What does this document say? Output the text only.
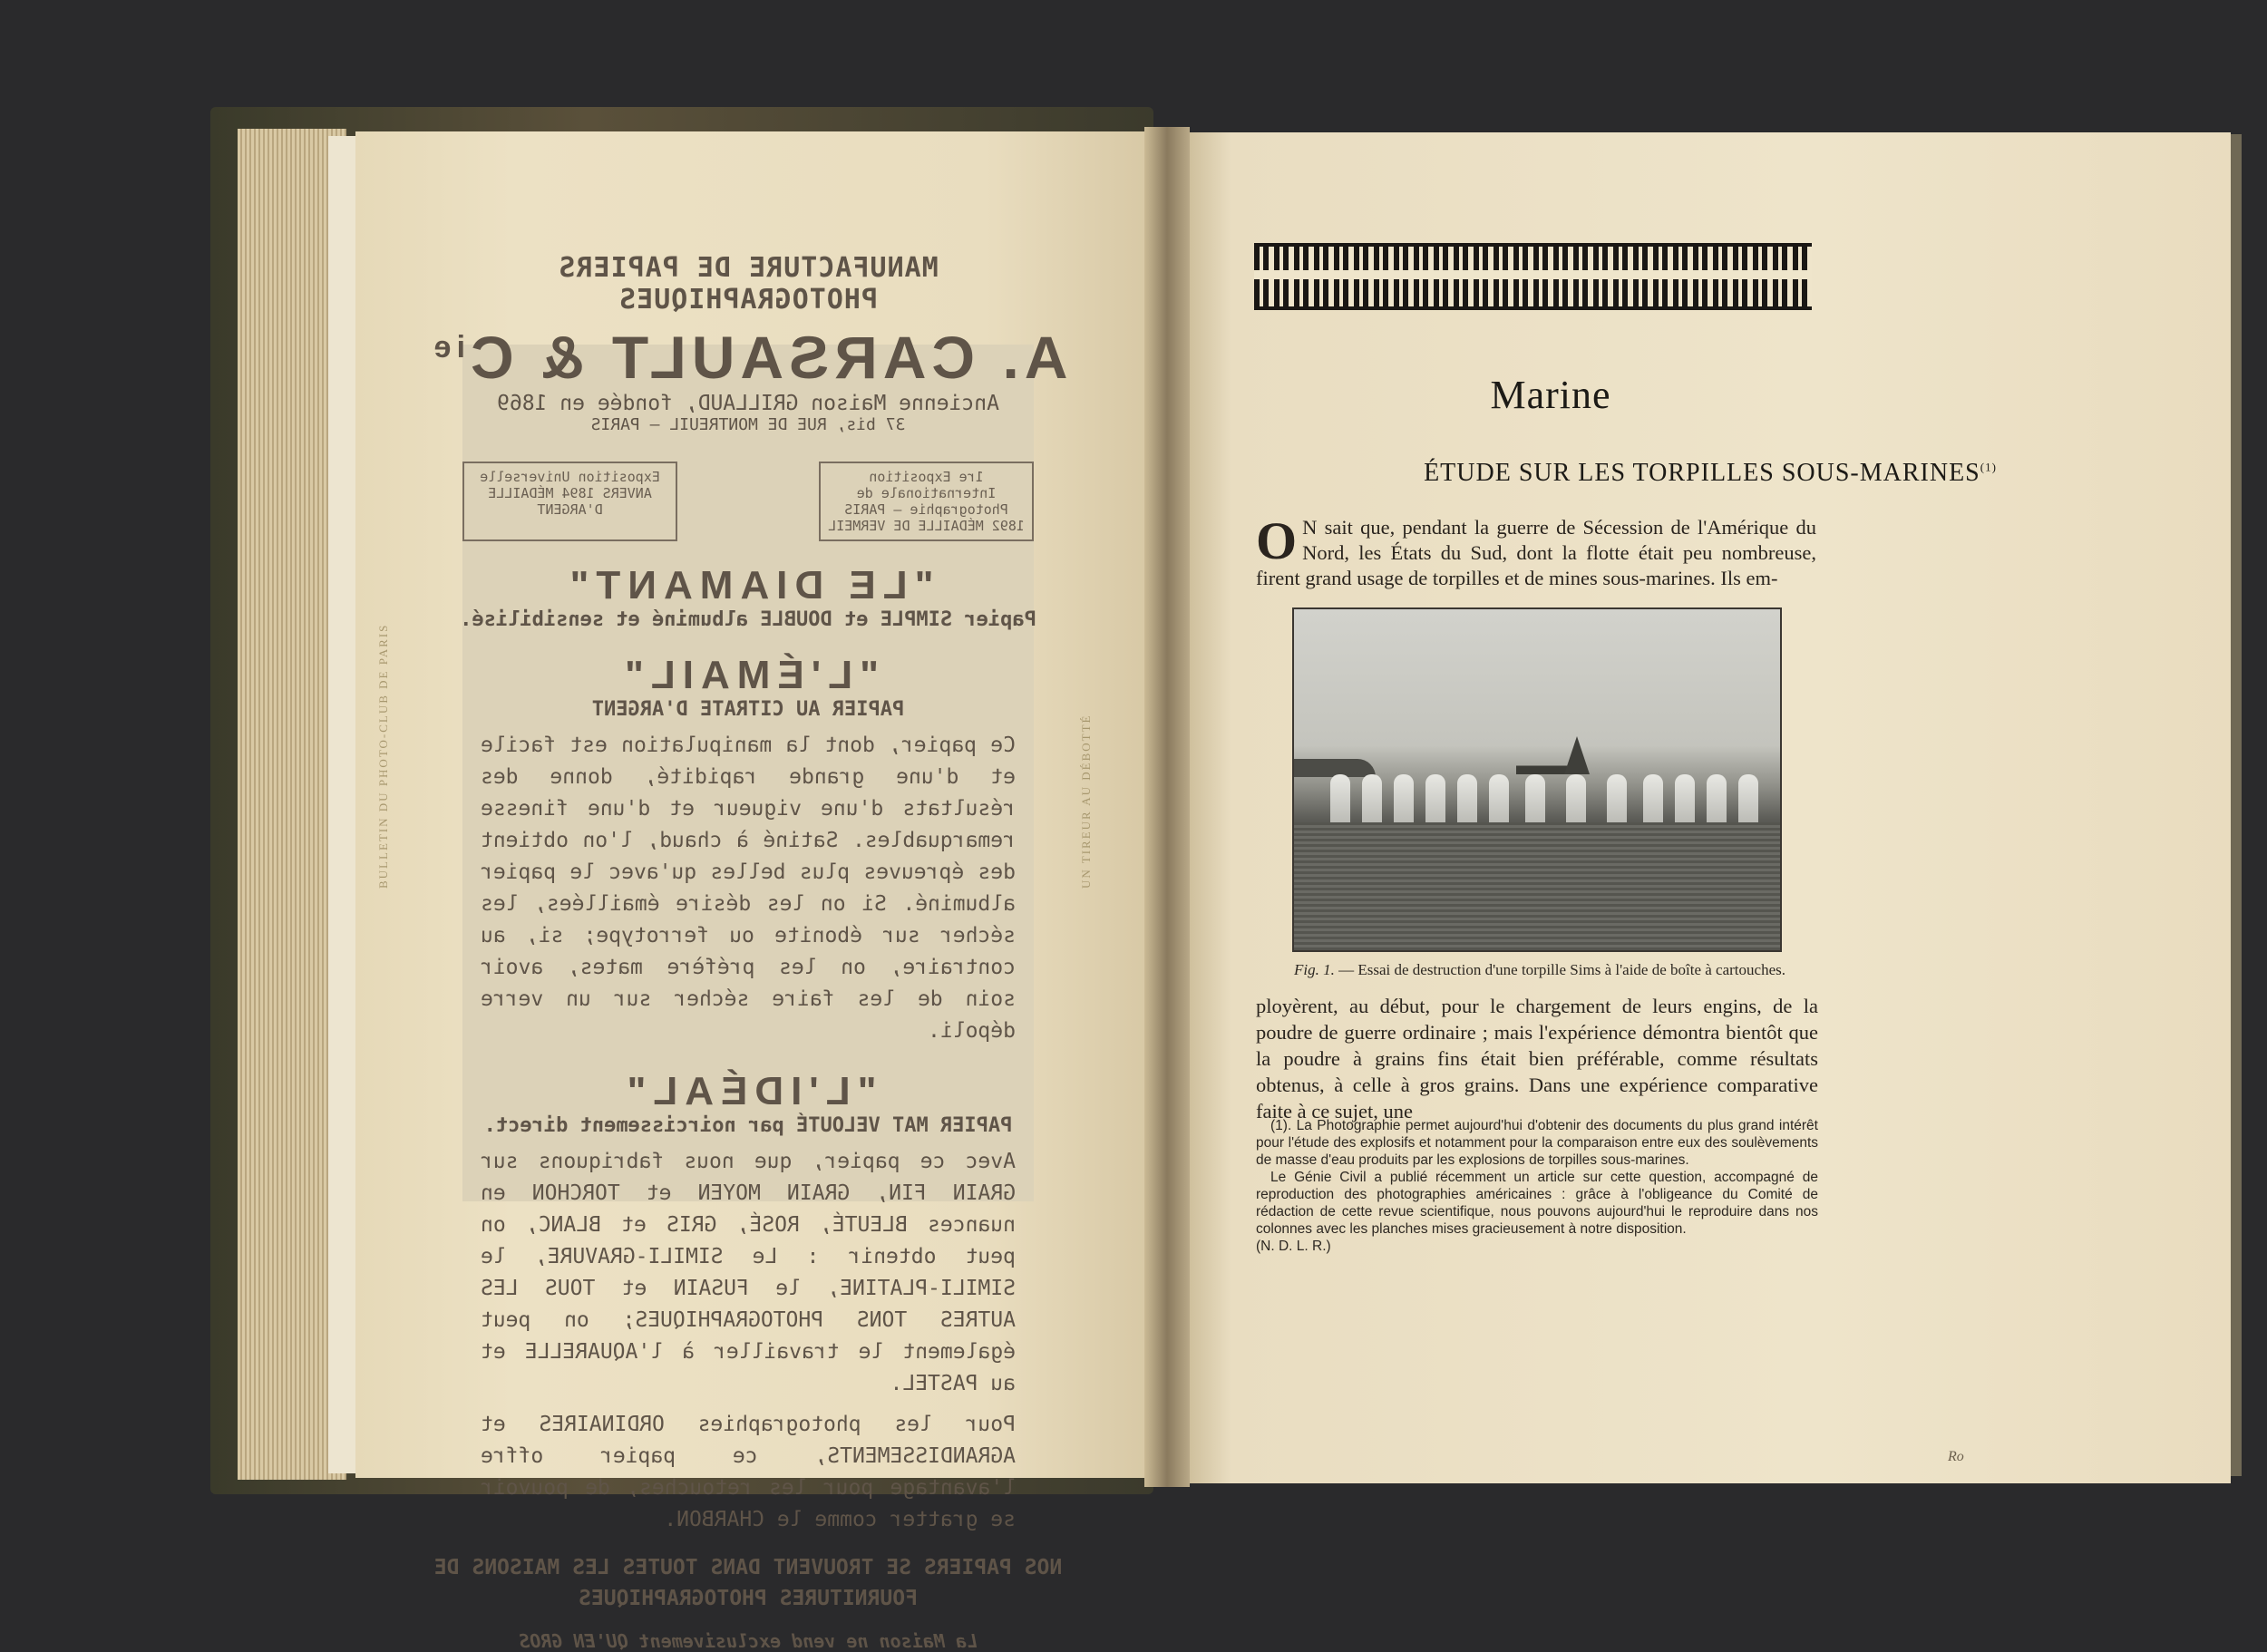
BULLETIN DU PHOTO-CLUB DE PARIS	UN TIREUR AU DÉBOTTÉ
MANUFACTURE DE PAPIERS PHOTOGRAPHIQUES
A. CARSAULT & $C^{ie}$
Ancienne Maison GRILLAUD, fondée en 1869
37 bis, RUE DE MONTREUIL — PARIS
1re Exposition Internationale de Photographie — PARIS 1892 MÉDAILLE DE VERMEIL
Exposition Universelle ANVERS 1894 MÉDAILLE D'ARGENT
"LE DIAMANT"
Papier SIMPLE et DOUBLE albuminé et sensibilisé.
"L'ÉMAIL"
PAPIER AU CITRATE D'ARGENT
Ce papier, dont la manipulation est facile et d'une grande rapidité, donne des résultats d'une vigueur et d'une finesse remarquables. Satiné à chaud, l'on obtient des épreuves plus belles qu'avec le papier albuminé. Si on les désire émaillées, les sécher sur ébonite ou ferrotype; si, au contraire, on les préfère mates, avoir soin de les faire sécher sur un verre dépoli.
"L'IDÉAL"
PAPIER MAT VELOUTÉ par noircissement direct.
Avec ce papier, que nous fabriquons sur GRAIN FIN, GRAIN MOYEN et TORCHON en nuances BLEUTÉ, ROSÉ, GRIS et BLANC, on peut obtenir : Le SIMILI-GRAVURE, le SIMILI-PLATINE, le FUSAIN et TOUS LES AUTRES TONS PHOTOGRAPHIQUES; on peut également le travailler à l'AQUARELLE et au PASTEL.
Pour les photographies ORDINAIRES et AGRANDISSEMENTS, ce papier offre l'avantage pour les retouches, de pouvoir se gratter comme le CHARBON.
NOS PAPIERS SE TROUVENT DANS TOUTES LES MAISONS DE FOURNITURES PHOTOGRAPHIQUES
La Maison ne vend exclusivement QU'EN GROS
Marine
ÉTUDE SUR LES TORPILLES SOUS-MARINES$^{(1)}$
O N sait que, pendant la guerre de Sécession de l'Amérique du Nord, les États du Sud, dont la flotte était peu nombreuse, firent grand usage de torpilles et de mines sous-marines. Ils em-
Fig. 1. — Essai de destruction d'une torpille Sims à l'aide de boîte à cartouches.
ployèrent, au début, pour le chargement de leurs engins, de la poudre de guerre ordinaire ; mais l'expérience démontra bientôt que la poudre à grains fins était bien préférable, comme résultats obtenus, à celle à gros grains. Dans une expérience comparative faite à ce sujet, une

(1). La Photographie permet aujourd'hui d'obtenir des documents du plus grand intérêt pour l'étude des explosifs et notamment pour la comparaison entre eux des soulèvements de masse d'eau produits par les explosions de torpilles sous-marines.

Le Génie Civil a publié récemment un article sur cette question, accompagné de reproduction des photographies américaines : grâce à l'obligeance du Comité de rédaction de cette revue scientifique, nous pouvons aujourd'hui le reproduire dans nos colonnes avec les planches mises gracieusement à notre disposition.

(N. D. L. R.)

Ro
